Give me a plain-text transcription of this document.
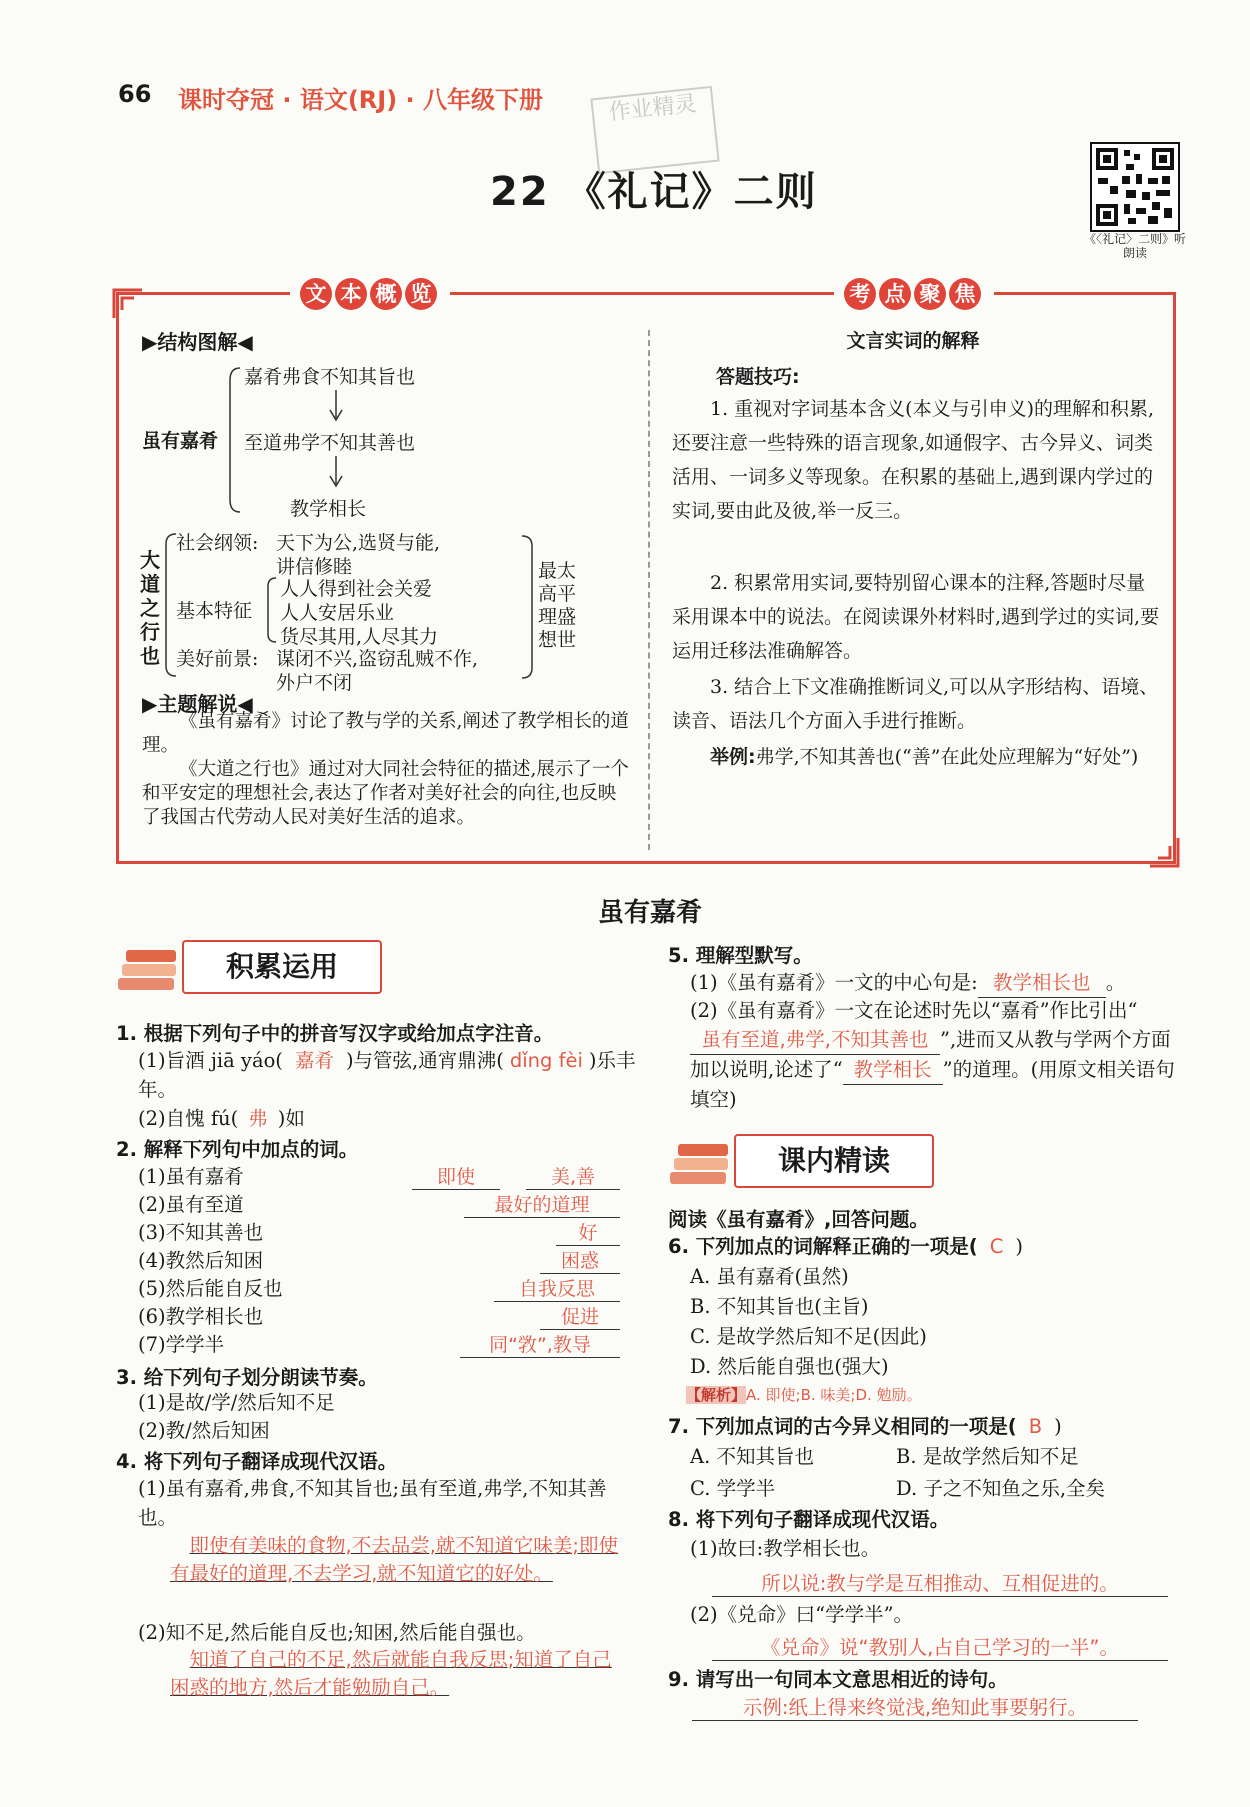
66 课时夺冠 · 语文(RJ) · 八年级下册	作业精灵
22 《礼记》二则
《〈礼记〉二则》听朗读
文 本 概 览	考 点 聚 焦
▶结构图解◀
嘉肴弗食不知其旨也
虽有嘉肴 至道弗学不知其善也
教学相长
大道之行也
社会纲领: 天下为公,选贤与能,
讲信修睦
基本特征
人人得到社会关爱
人人安居乐业
货尽其用,人尽其力
美好前景: 谋闭不兴,盗窃乱贼不作,
外户不闭
最太
高平
理盛
想世
▶主题解说◀
《虽有嘉肴》讨论了教与学的关系,阐述了教学相长的道理。
《大道之行也》通过对大同社会特征的描述,展示了一个和平安定的理想社会,表达了作者对美好社会的向往,也反映了我国古代劳动人民对美好生活的追求。
文言实词的解释
答题技巧:
1. 重视对字词基本含义(本义与引申义)的理解和积累,还要注意一些特殊的语言现象,如通假字、古今异义、词类活用、一词多义等现象。在积累的基础上,遇到课内学过的实词,要由此及彼,举一反三。
2. 积累常用实词,要特别留心课本的注释,答题时尽量采用课本中的说法。在阅读课外材料时,遇到学过的实词,要运用迁移法准确解答。
3. 结合上下文准确推断词义,可以从字形结构、语境、读音、语法几个方面入手进行推断。
举例:弗学,不知其善也(“善”在此处应理解为“好处”)
虽有嘉肴
积累运用
1. 根据下列句子中的拼音写汉字或给加点字注音。
(1)旨酒 jiā yáo( 嘉肴 )与管弦,通宵鼎沸( dǐng fèi )乐丰年。
(2)自愧 fú( 弗 )如
2. 解释下列句中加点的词。
(1)虽有嘉肴	即使	美,善
(2)虽有至道	最好的道理
(3)不知其善也	好
(4)教然后知困	困惑
(5)然后能自反也	自我反思
(6)教学相长也	促进
(7)学学半	同“敩”,教导
3. 给下列句子划分朗读节奏。
(1)是故/学/然后知不足
(2)教/然后知困
4. 将下列句子翻译成现代汉语。
(1)虽有嘉肴,弗食,不知其旨也;虽有至道,弗学,不知其善也。
即使有美味的食物,不去品尝,就不知道它味美;即使有最好的道理,不去学习,就不知道它的好处。
(2)知不足,然后能自反也;知困,然后能自强也。
知道了自己的不足,然后就能自我反思;知道了自己困惑的地方,然后才能勉励自己。
5. 理解型默写。
(1)《虽有嘉肴》一文的中心句是: 教学相长也 。
(2)《虽有嘉肴》一文在论述时先以“嘉肴”作比引出“虽有至道,弗学,不知其善也 ”,进而又从教与学两个方面加以说明,论述了“ 教学相长 ”的道理。(用原文相关语句填空)
课内精读
阅读《虽有嘉肴》,回答问题。
6. 下列加点的词解释正确的一项是( C )
A. 虽有嘉肴(虽然)
B. 不知其旨也(主旨)
C. 是故学然后知不足(因此)
D. 然后能自强也(强大)
【解析】A. 即使;B. 味美;D. 勉励。
7. 下列加点词的古今异义相同的一项是( B )
A. 不知其旨也	B. 是故学然后知不足
C. 学学半	D. 子之不知鱼之乐,全矣
8. 将下列句子翻译成现代汉语。
(1)故曰:教学相长也。
所以说:教与学是互相推动、互相促进的。
(2)《兑命》曰“学学半”。
《兑命》说“教别人,占自己学习的一半”。
9. 请写出一句同本文意思相近的诗句。
示例:纸上得来终觉浅,绝知此事要躬行。
